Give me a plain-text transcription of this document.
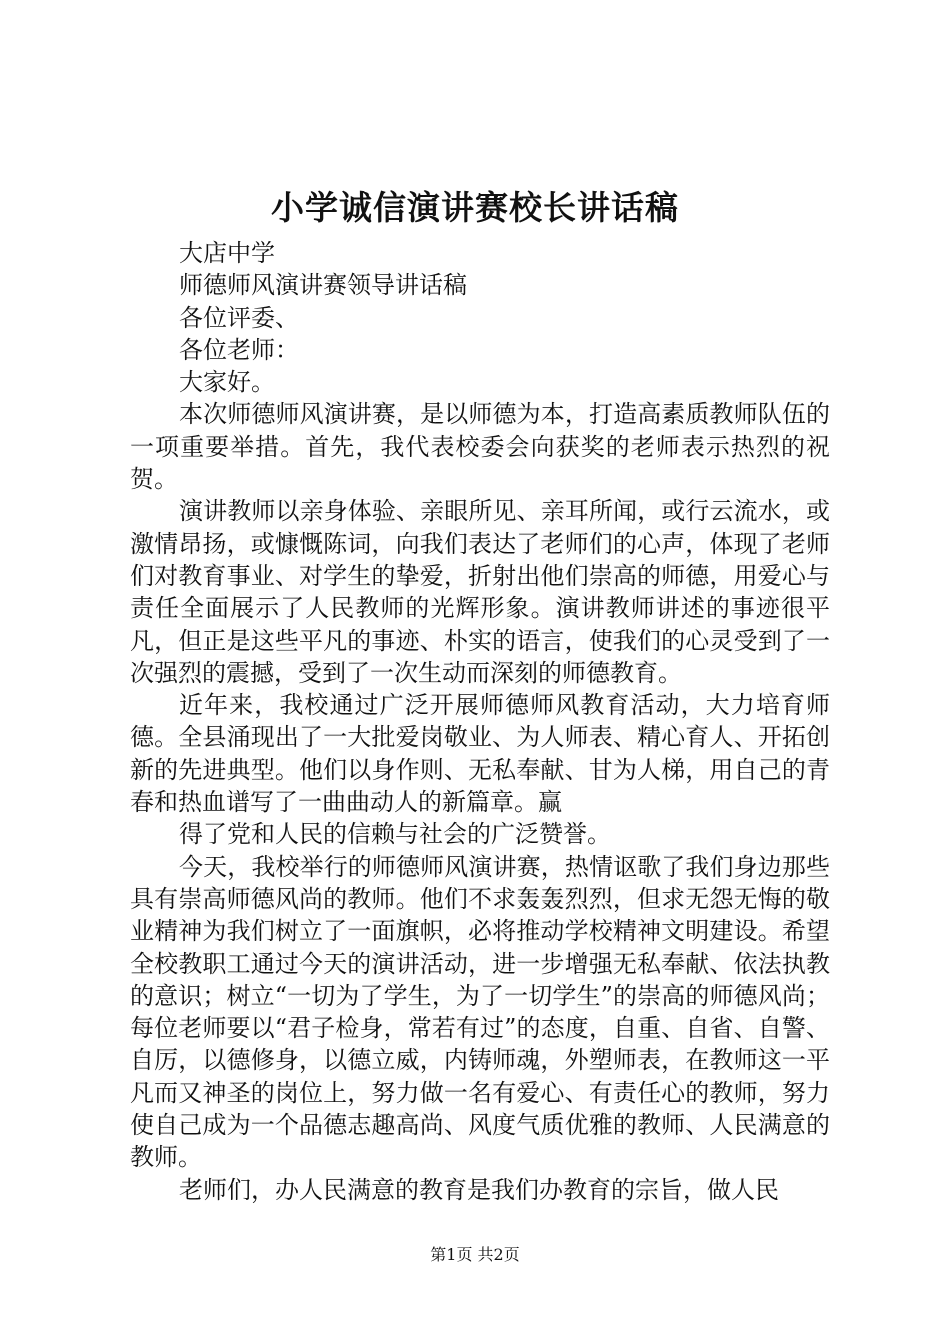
小学诚信演讲赛校长讲话稿

大店中学

师德师风演讲赛领导讲话稿

各位评委、

各位老师：

大家好。

本次师德师风演讲赛，是以师德为本，打造高素质教师队伍的一项重要举措。首先，我代表校委会向获奖的老师表示热烈的祝贺。

演讲教师以亲身体验、亲眼所见、亲耳所闻，或行云流水，或激情昂扬，或慷慨陈词，向我们表达了老师们的心声，体现了老师们对教育事业、对学生的挚爱，折射出他们崇高的师德，用爱心与责任全面展示了人民教师的光辉形象。演讲教师讲述的事迹很平凡，但正是这些平凡的事迹、朴实的语言，使我们的心灵受到了一次强烈的震撼，受到了一次生动而深刻的师德教育。

近年来，我校通过广泛开展师德师风教育活动，大力培育师德。全县涌现出了一大批爱岗敬业、为人师表、精心育人、开拓创新的先进典型。他们以身作则、无私奉献、甘为人梯，用自己的青春和热血谱写了一曲曲动人的新篇章。赢

得了党和人民的信赖与社会的广泛赞誉。

今天，我校举行的师德师风演讲赛，热情讴歌了我们身边那些具有崇高师德风尚的教师。他们不求轰轰烈烈，但求无怨无悔的敬业精神为我们树立了一面旗帜，必将推动学校精神文明建设。希望全校教职工通过今天的演讲活动，进一步增强无私奉献、依法执教的意识；树立“一切为了学生，为了一切学生”的崇高的师德风尚；每位老师要以“君子检身，常若有过”的态度，自重、自省、自警、自厉，以德修身，以德立威，内铸师魂，外塑师表，在教师这一平凡而又神圣的岗位上，努力做一名有爱心、有责任心的教师，努力使自己成为一个品德志趣高尚、风度气质优雅的教师、人民满意的教师。

老师们，办人民满意的教育是我们办教育的宗旨，做人民

第1页 共2页
